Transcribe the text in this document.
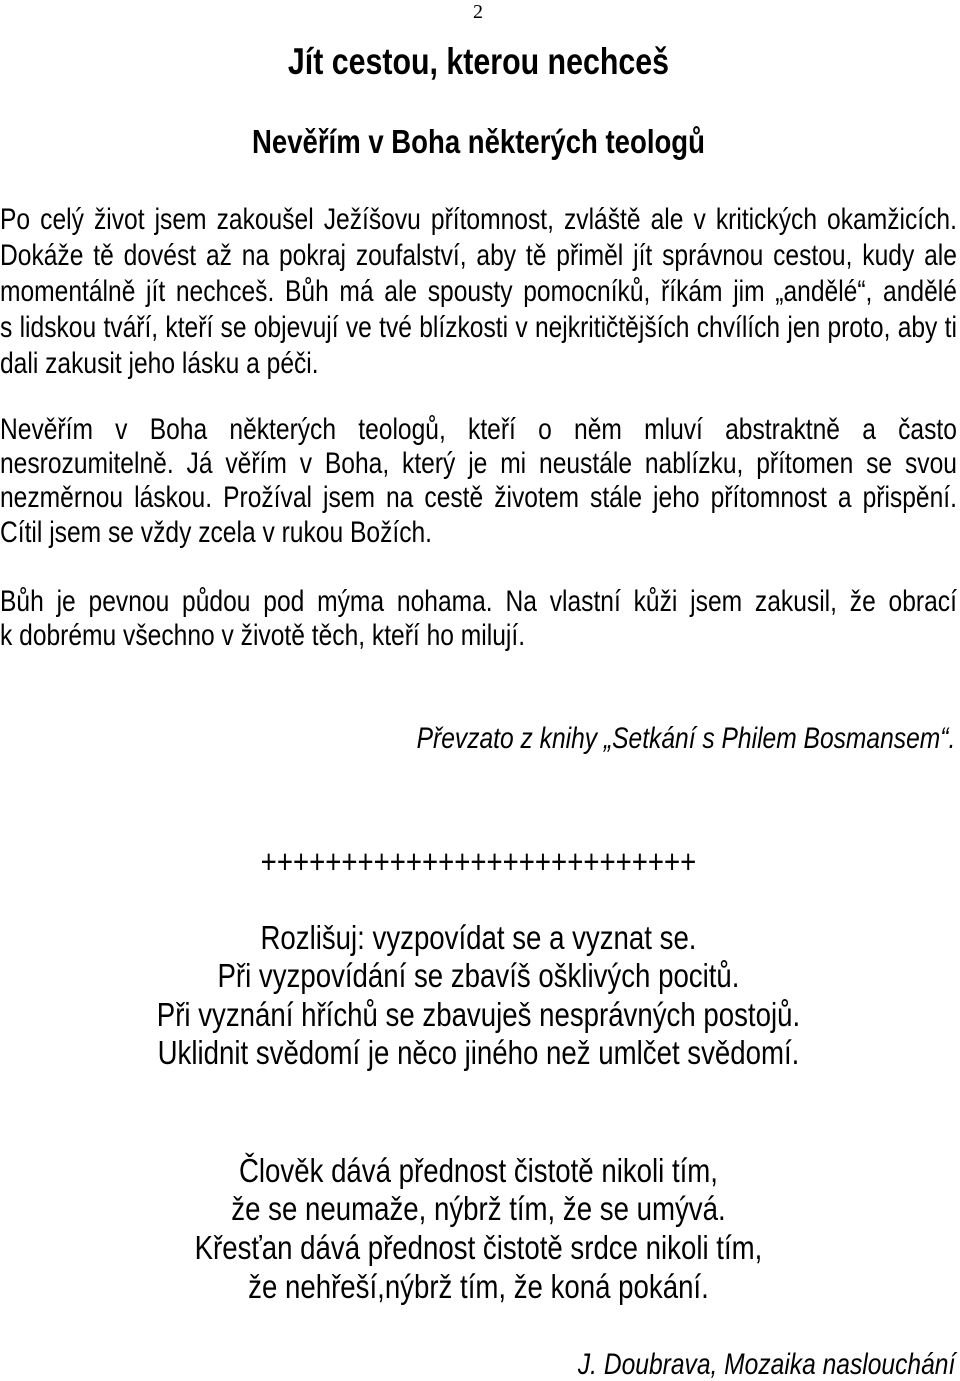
2
Jít cestou, kterou nechceš
Nevěřím v Boha některých teologů
Po celý život jsem zakoušel Ježíšovu přítomnost, zvláště ale v kritických okamžicích.
Dokáže tě dovést až na pokraj zoufalství, aby tě přiměl jít správnou cestou, kudy ale
momentálně jít nechceš. Bůh má ale spousty pomocníků, říkám jim „andělé“, andělé
s lidskou tváří, kteří se objevují ve tvé blízkosti v nejkritičtějších chvílích jen proto, aby ti
dali zakusit jeho lásku a péči.
Nevěřím v Boha některých teologů, kteří o něm mluví abstraktně a často
nesrozumitelně. Já věřím v Boha, který je mi neustále nablízku, přítomen se svou
nezměrnou láskou. Prožíval jsem na cestě životem stále jeho přítomnost a přispění.
Cítil jsem se vždy zcela v rukou Božích.
Bůh je pevnou půdou pod mýma nohama. Na vlastní kůži jsem zakusil, že obrací
k dobrému všechno v životě těch, kteří ho milují.
Převzato z knihy „Setkání s Philem Bosmansem“.
+++++++++++++++++++++++++++
Rozlišuj: vyzpovídat se a vyznat se.
Při vyzpovídání se zbavíš ošklivých pocitů.
Při vyznání hříchů se zbavuješ nesprávných postojů.
Uklidnit svědomí je něco jiného než umlčet svědomí.
Člověk dává přednost čistotě nikoli tím,
že se neumaže, nýbrž tím, že se umývá.
Křesťan dává přednost čistotě srdce nikoli tím,
že nehřeší,nýbrž tím, že koná pokání.
J. Doubrava, Mozaika naslouchání
